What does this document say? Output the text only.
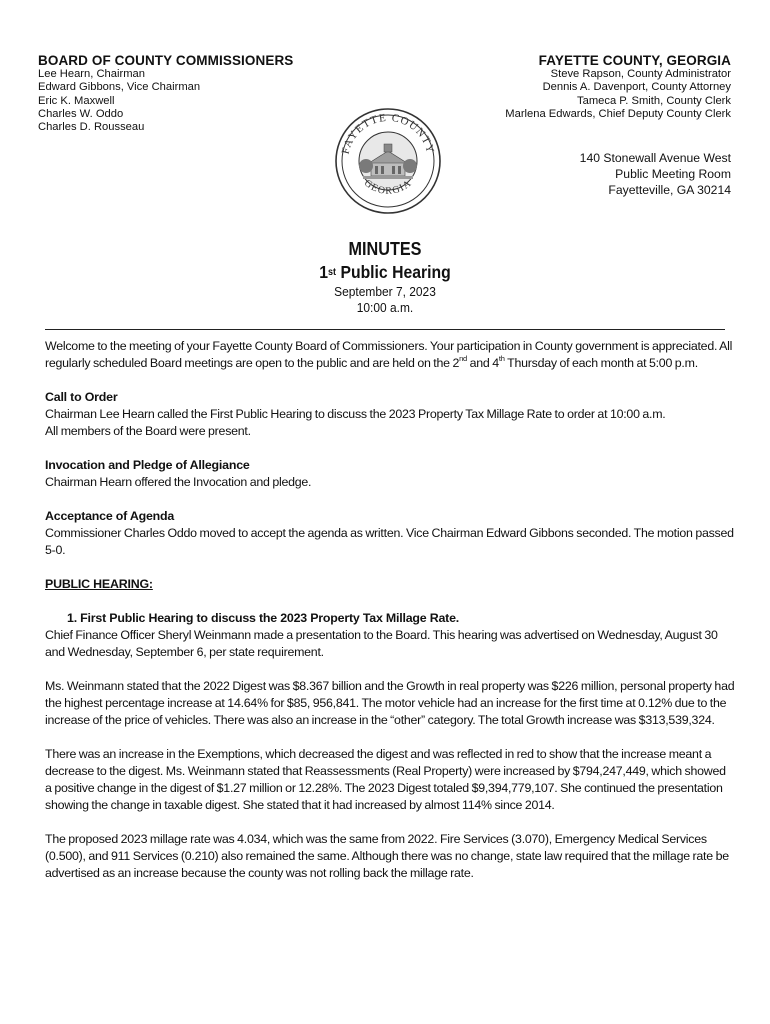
BOARD OF COUNTY COMMISSIONERS
Lee Hearn, Chairman
Edward Gibbons, Vice Chairman
Eric K. Maxwell
Charles W. Oddo
Charles D. Rousseau
FAYETTE COUNTY, GEORGIA
Steve Rapson, County Administrator
Dennis A. Davenport, County Attorney
Tameca P. Smith, County Clerk
Marlena Edwards, Chief Deputy County Clerk
FAYETTE COUNTY
GEORGIA
140 Stonewall Avenue West
Public Meeting Room
Fayetteville, GA 30214
MINUTES
1st Public Hearing
September 7, 2023
10:00 a.m.

Welcome to the meeting of your Fayette County Board of Commissioners. Your participation in County government is appreciated. All regularly scheduled Board meetings are open to the public and are held on the 2nd and 4th Thursday of each month at 5:00 p.m.

Call to Order
Chairman Lee Hearn called the First Public Hearing to discuss the 2023 Property Tax Millage Rate to order at 10:00 a.m.
All members of the Board were present.
Invocation and Pledge of Allegiance
Chairman Hearn offered the Invocation and pledge.
Acceptance of Agenda
Commissioner Charles Oddo moved to accept the agenda as written. Vice Chairman Edward Gibbons seconded. The motion passed 5-0.
PUBLIC HEARING:
1. First Public Hearing to discuss the 2023 Property Tax Millage Rate.
Chief Finance Officer Sheryl Weinmann made a presentation to the Board. This hearing was advertised on Wednesday, August 30 and Wednesday, September 6, per state requirement.

Ms. Weinmann stated that the 2022 Digest was $8.367 billion and the Growth in real property was $226 million, personal property had the highest percentage increase at 14.64% for $85, 956,841. The motor vehicle had an increase for the first time at 0.12% due to the increase of the price of vehicles. There was also an increase in the “other” category. The total Growth increase was $313,539,324.

There was an increase in the Exemptions, which decreased the digest and was reflected in red to show that the increase meant a decrease to the digest. Ms. Weinmann stated that Reassessments (Real Property) were increased by $794,247,449, which showed a positive change in the digest of $1.27 million or 12.28%. The 2023 Digest totaled $9,394,779,107. She continued the presentation showing the change in taxable digest. She stated that it had increased by almost 114% since 2014.

The proposed 2023 millage rate was 4.034, which was the same from 2022. Fire Services (3.070), Emergency Medical Services (0.500), and 911 Services (0.210) also remained the same. Although there was no change, state law required that the millage rate be advertised as an increase because the county was not rolling back the millage rate.
